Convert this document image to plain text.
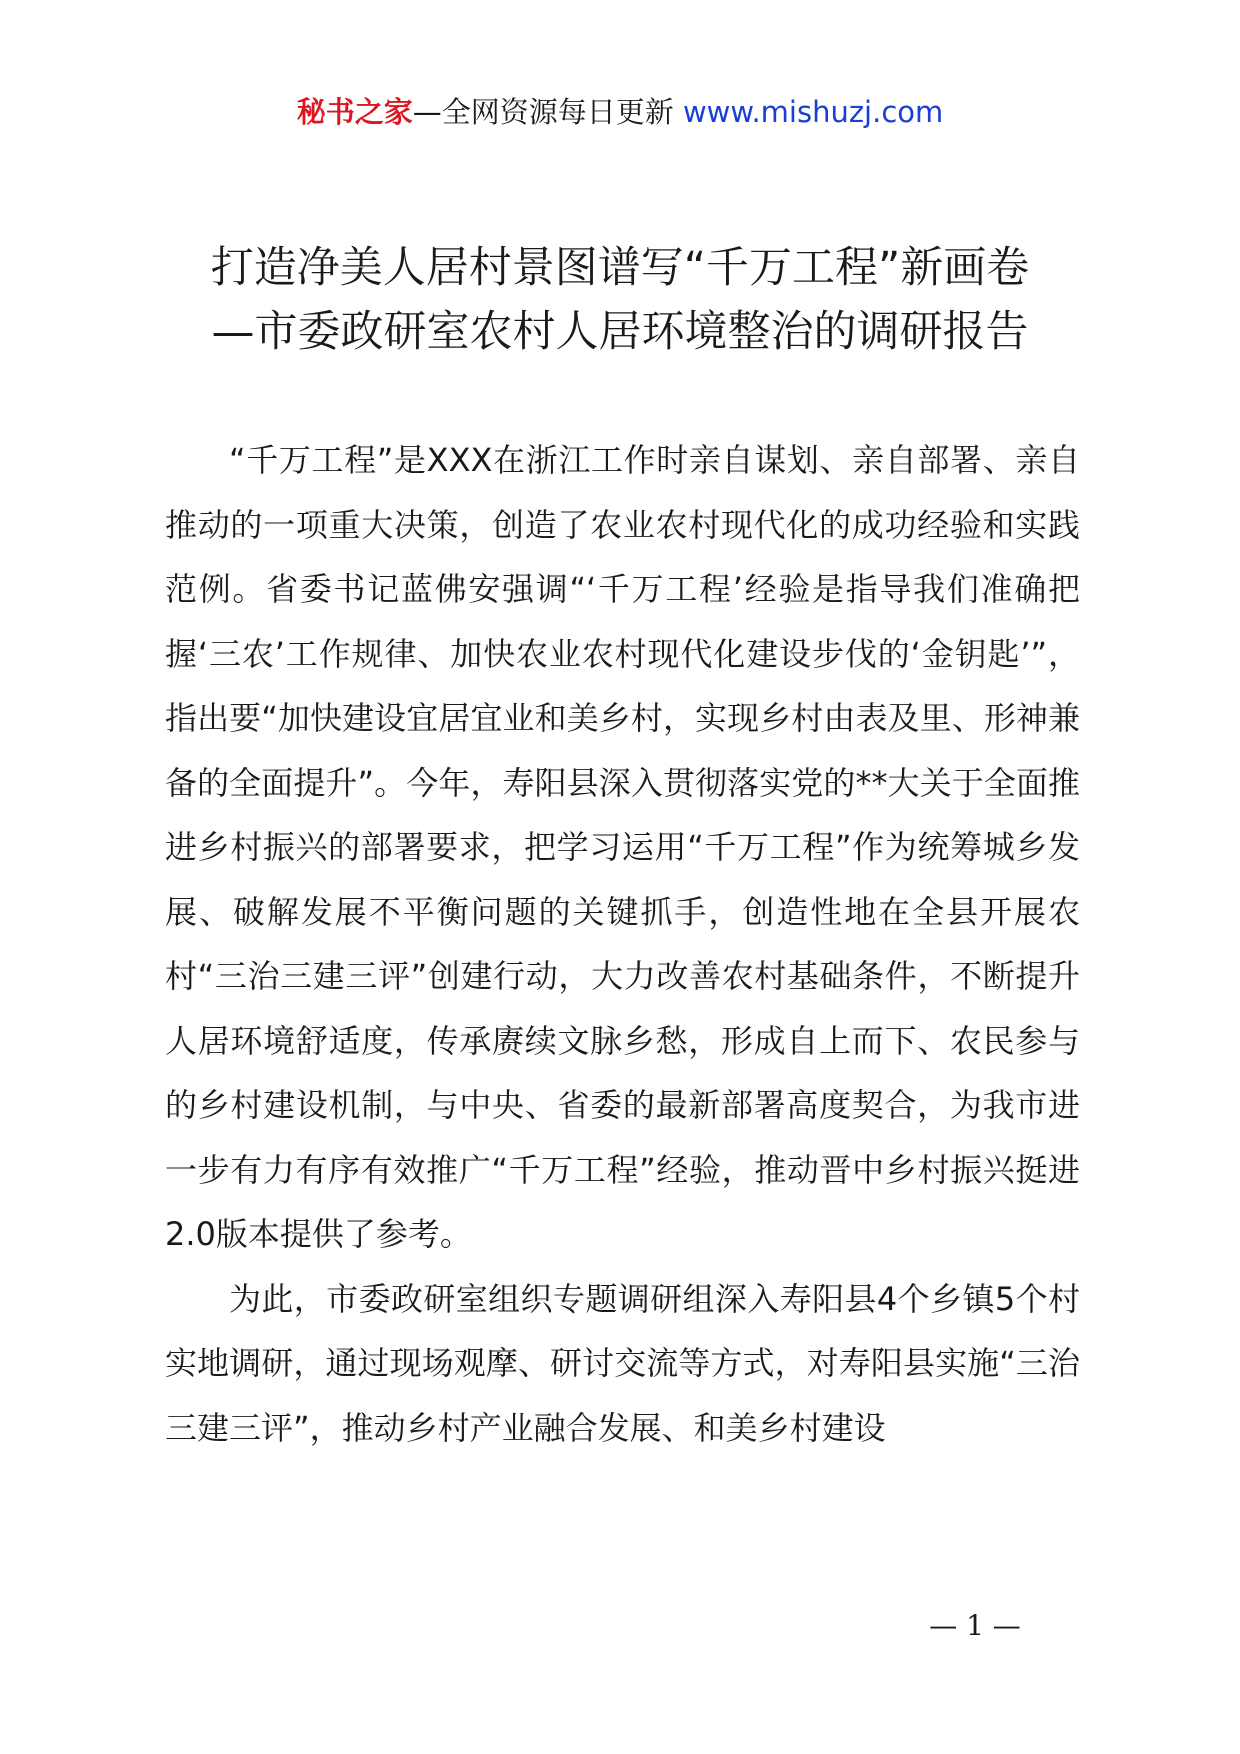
秘书之家—全网资源每日更新 www.mishuzj.com
打造净美人居村景图谱写“千万工程”新画卷
—市委政研室农村人居环境整治的调研报告

“千万工程”是XXX在浙江工作时亲自谋划、亲自部署、亲自推动的一项重大决策，创造了农业农村现代化的成功经验和实践范例。省委书记蓝佛安强调“‘千万工程’经验是指导我们准确把握‘三农’工作规律、加快农业农村现代化建设步伐的‘金钥匙’”，指出要“加快建设宜居宜业和美乡村，实现乡村由表及里、形神兼备的全面提升”。今年，寿阳县深入贯彻落实党的**大关于全面推进乡村振兴的部署要求，把学习运用“千万工程”作为统筹城乡发展、破解发展不平衡问题的关键抓手，创造性地在全县开展农村“三治三建三评”创建行动，大力改善农村基础条件，不断提升人居环境舒适度，传承赓续文脉乡愁，形成自上而下、农民参与的乡村建设机制，与中央、省委的最新部署高度契合，为我市进一步有力有序有效推广“千万工程”经验，推动晋中乡村振兴挺进2.0版本提供了参考。

为此，市委政研室组织专题调研组深入寿阳县4个乡镇5个村实地调研，通过现场观摩、研讨交流等方式，对寿阳县实施“三治三建三评”，推动乡村产业融合发展、和美乡村建设

— 1 —
